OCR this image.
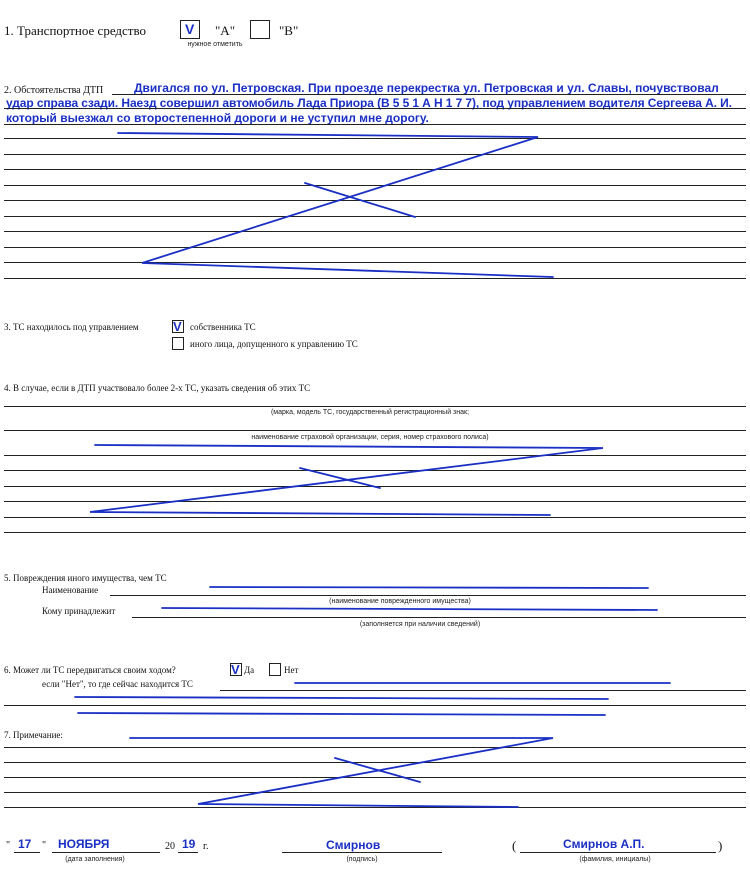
1. Транспортное средство	V "А"	"В"
нужное отметить
2. Обстоятельства ДТП	Двигался по ул. Петровская. При проезде перекрестка ул. Петровская и ул. Славы, почувствовал
удар справа сзади. Наезд совершил автомобиль Лада Приора (В 5 5 1 А Н 1 7 7), под управлением водителя Сергеева А. И.
который выезжал со второстепенной дороги и не уступил мне дорогу.
3. ТС находилось под управлением	V собственника ТС
иного лица, допущенного к управлению ТС
4. В случае, если в ДТП участвовало более 2-х ТС, указать сведения об этих ТС
(марка, модель ТС, государственный регистрационный знак;
наименование страховой организации, серия, номер страхового полиса)
5. Повреждения иного имущества, чем ТС
Наименование
(наименование поврежденного имущества)
Кому принадлежит
(заполняется при наличии сведений)
6. Может ли ТС передвигаться своим ходом?	V Да	Нет
если "Нет", то где сейчас находится ТС
7. Примечание:
" 17 " НОЯБРЯ	20 19 г.
(дата заполнения)
Смирнов
(подпись)
(	Смирнов А.П.	)
(фамилия, инициалы)
